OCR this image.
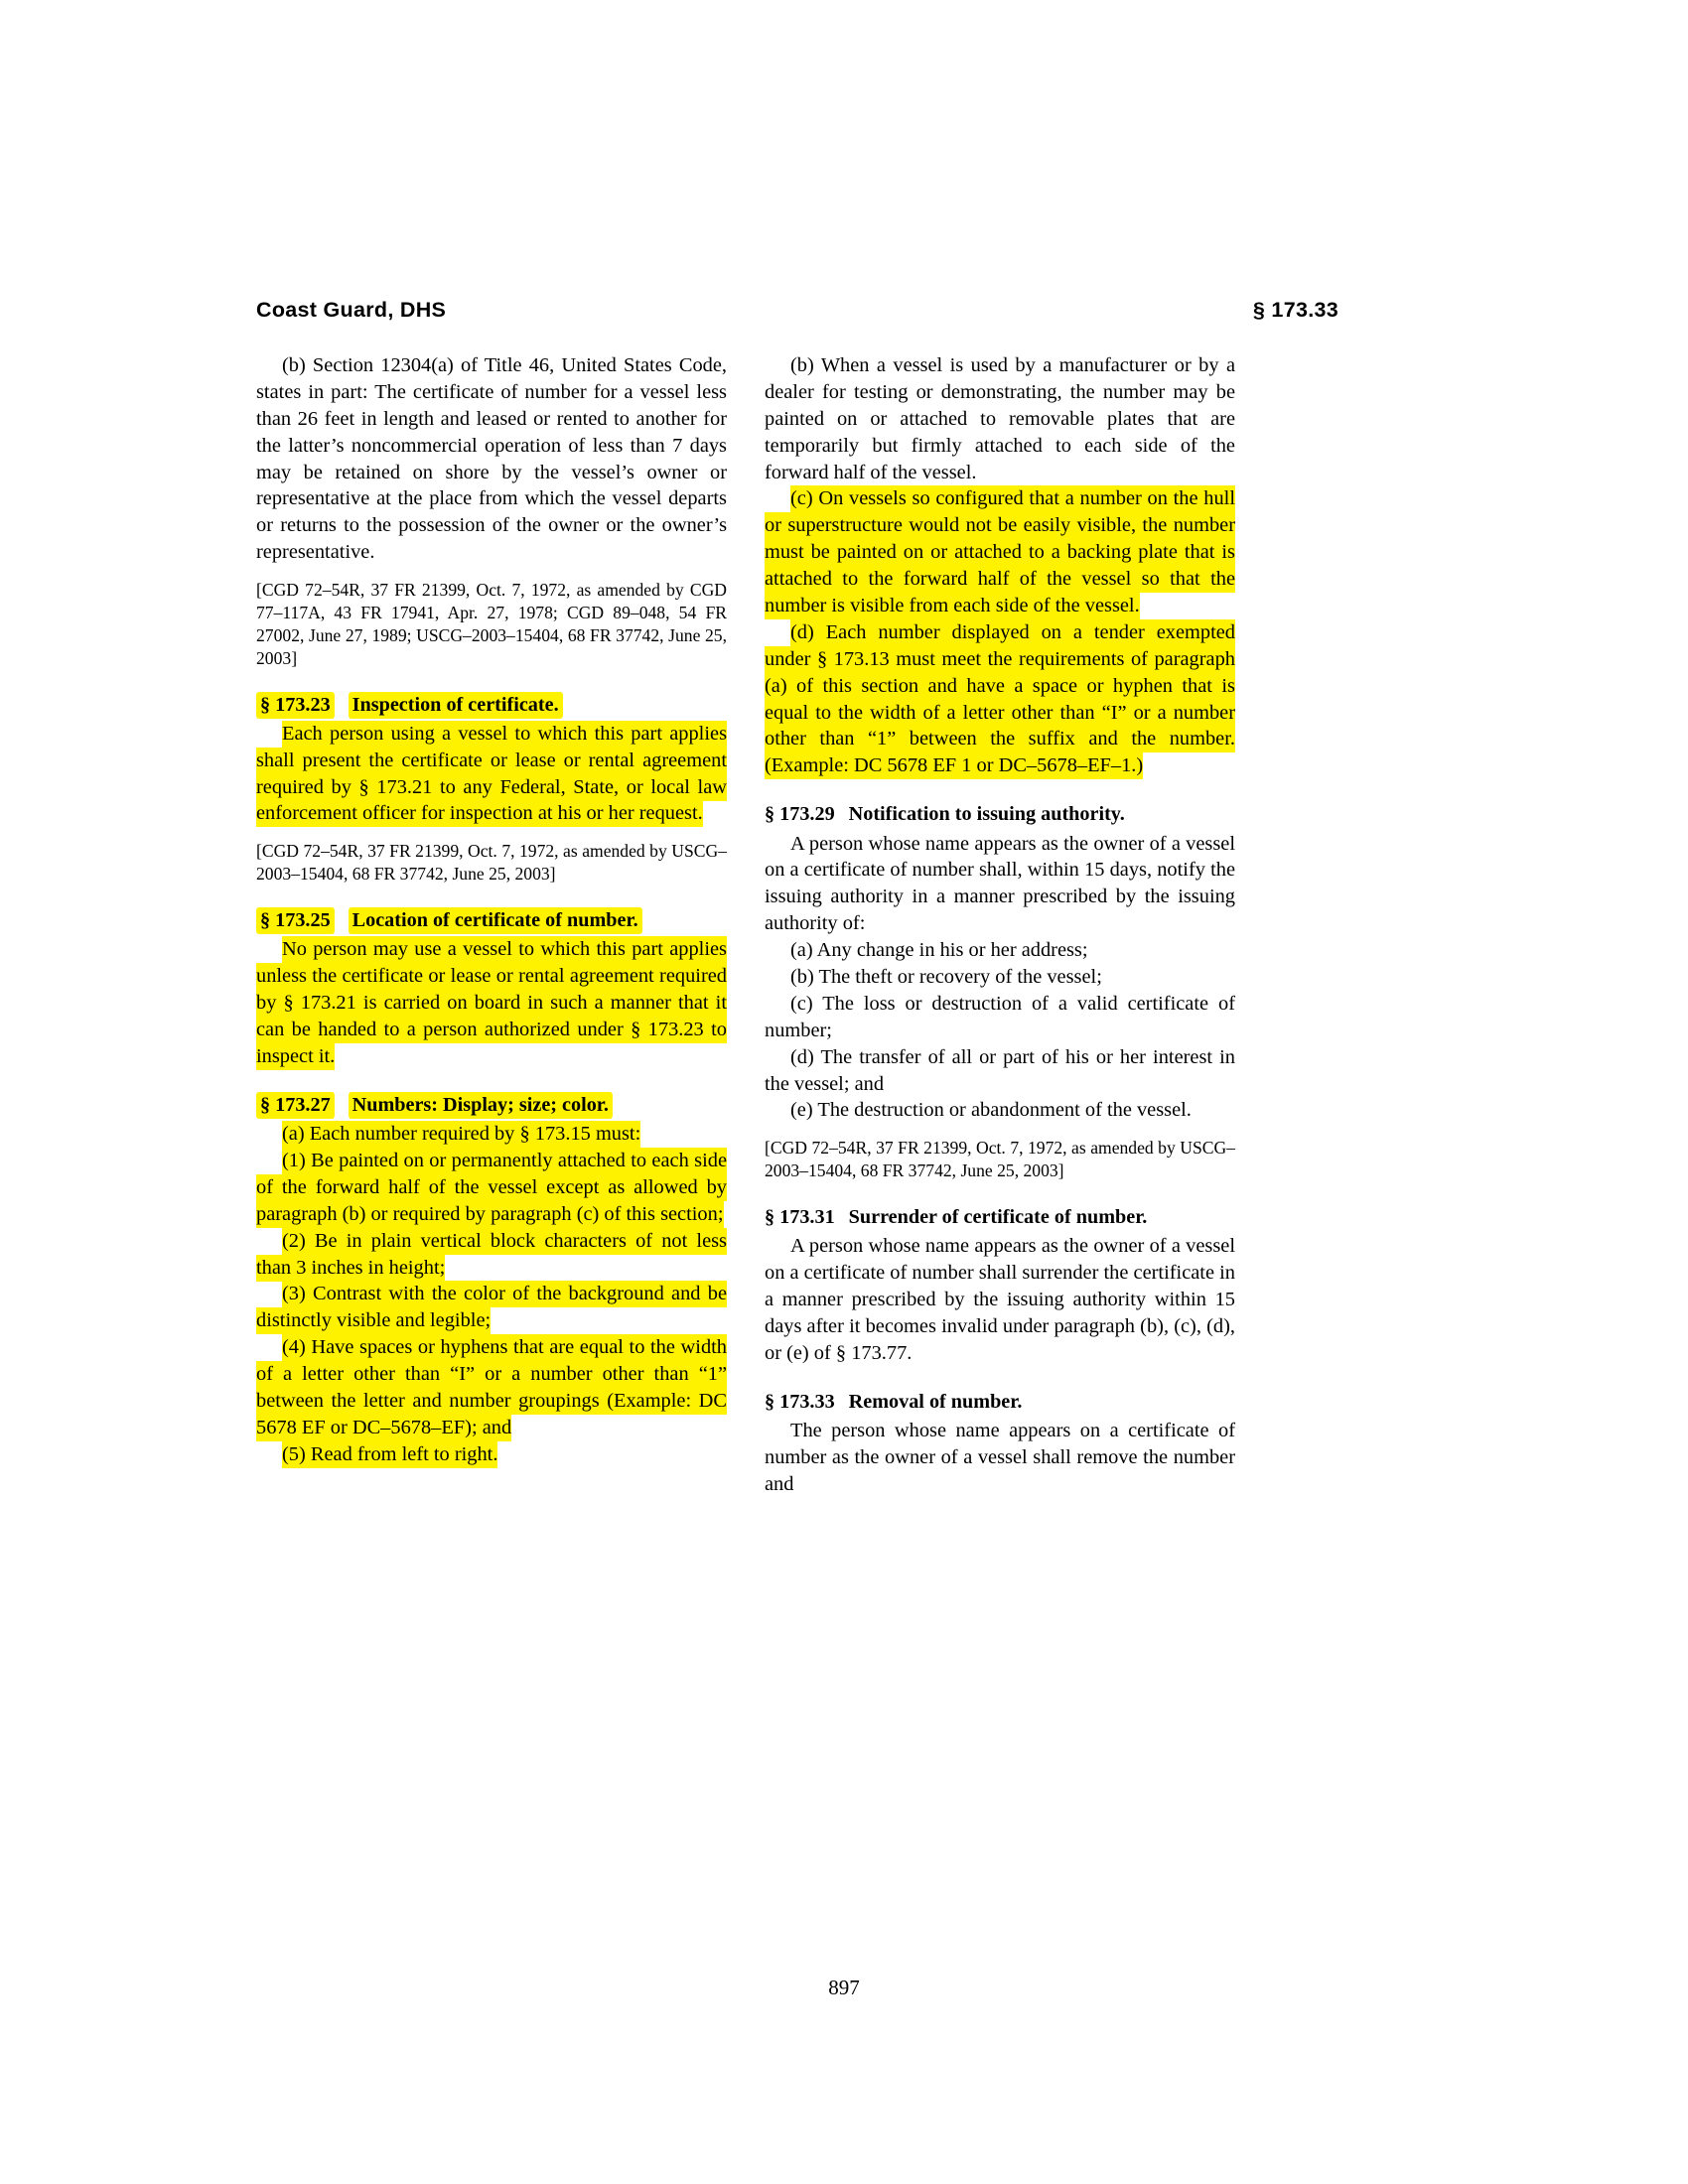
Coast Guard, DHS	§ 173.33

(b) Section 12304(a) of Title 46, United States Code, states in part: The certificate of number for a vessel less than 26 feet in length and leased or rented to another for the latter’s noncommercial operation of less than 7 days may be retained on shore by the vessel’s owner or representative at the place from which the vessel departs or returns to the possession of the owner or the owner’s representative.

[CGD 72–54R, 37 FR 21399, Oct. 7, 1972, as amended by CGD 77–117A, 43 FR 17941, Apr. 27, 1978; CGD 89–048, 54 FR 27002, June 27, 1989; USCG–2003–15404, 68 FR 37742, June 25, 2003]

§ 173.23 Inspection of certificate.

Each person using a vessel to which this part applies shall present the certificate or lease or rental agreement required by § 173.21 to any Federal, State, or local law enforcement officer for inspection at his or her request.

[CGD 72–54R, 37 FR 21399, Oct. 7, 1972, as amended by USCG–2003–15404, 68 FR 37742, June 25, 2003]

§ 173.25 Location of certificate of number.

No person may use a vessel to which this part applies unless the certificate or lease or rental agreement required by § 173.21 is carried on board in such a manner that it can be handed to a person authorized under § 173.23 to inspect it.

§ 173.27 Numbers: Display; size; color.

(a) Each number required by § 173.15 must:

(1) Be painted on or permanently attached to each side of the forward half of the vessel except as allowed by paragraph (b) or required by paragraph (c) of this section;

(2) Be in plain vertical block characters of not less than 3 inches in height;

(3) Contrast with the color of the background and be distinctly visible and legible;

(4) Have spaces or hyphens that are equal to the width of a letter other than “I” or a number other than “1” between the letter and number groupings (Example: DC 5678 EF or DC–5678–EF); and

(5) Read from left to right.

(b) When a vessel is used by a manufacturer or by a dealer for testing or demonstrating, the number may be painted on or attached to removable plates that are temporarily but firmly attached to each side of the forward half of the vessel.

(c) On vessels so configured that a number on the hull or superstructure would not be easily visible, the number must be painted on or attached to a backing plate that is attached to the forward half of the vessel so that the number is visible from each side of the vessel.

(d) Each number displayed on a tender exempted under § 173.13 must meet the requirements of paragraph (a) of this section and have a space or hyphen that is equal to the width of a letter other than “I” or a number other than “1” between the suffix and the number. (Example: DC 5678 EF 1 or DC–5678–EF–1.)

§ 173.29 Notification to issuing authority.

A person whose name appears as the owner of a vessel on a certificate of number shall, within 15 days, notify the issuing authority in a manner prescribed by the issuing authority of:

(a) Any change in his or her address;

(b) The theft or recovery of the vessel;

(c) The loss or destruction of a valid certificate of number;

(d) The transfer of all or part of his or her interest in the vessel; and

(e) The destruction or abandonment of the vessel.

[CGD 72–54R, 37 FR 21399, Oct. 7, 1972, as amended by USCG–2003–15404, 68 FR 37742, June 25, 2003]

§ 173.31 Surrender of certificate of number.

A person whose name appears as the owner of a vessel on a certificate of number shall surrender the certificate in a manner prescribed by the issuing authority within 15 days after it becomes invalid under paragraph (b), (c), (d), or (e) of § 173.77.

§ 173.33 Removal of number.

The person whose name appears on a certificate of number as the owner of a vessel shall remove the number and

897
